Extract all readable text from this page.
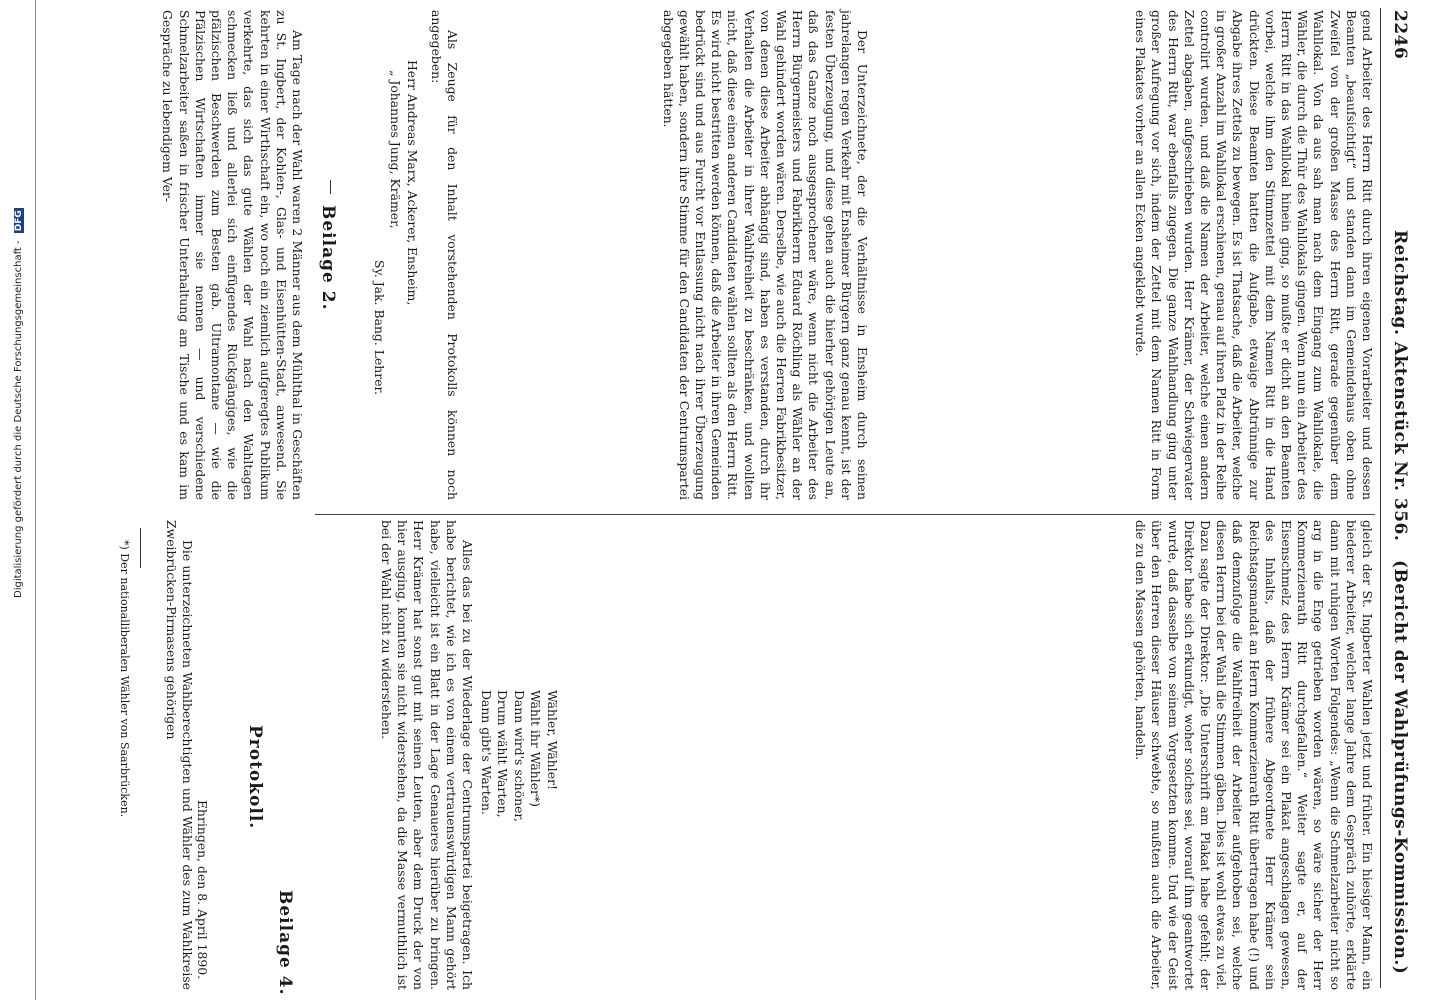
Digitalisierung gefördert durch die Deutsche Forschungsgemeinschaft - DFG
2246
Reichstag. Aktenstück Nr. 356.
(Bericht der Wahlprüfungs-Kommission.)
gend Arbeiter des Herrn Ritt durch ihren eigenen Vorarbeiter und dessen Beamten „beaufsichtigt“ und standen dann im Gemeindehaus oben ohne Zweifel von der großen Masse des Herrn Ritt, gerade gegenüber dem Wahllokal. Von da aus sah man nach dem Eingang zum Wahllokale, die Wähler, die durch die Thür des Wahllokals gingen. Wenn nun ein Arbeiter des Herrn Ritt in das Wahllokal hinein ging, so mußte er dicht an den Beamten vorbei, welche ihm den Stimmzettel mit dem Namen Ritt in die Hand drückten. Diese Beamten hatten die Aufgabe, etwaige Abtrünnige zur Abgabe ihres Zettels zu bewegen. Es ist Thatsache, daß die Arbeiter, welche in großer Anzahl im Wahllokal erschienen, genau auf ihren Platz in der Reihe controlirt wurden, und daß die Namen der Arbeiter, welche einen andern Zettel abgaben, aufgeschrieben wurden. Herr Krämer, der Schwiegervater des Herrn Ritt, war ebenfalls zugegen. Die ganze Wahlhandlung ging unter großer Aufregung vor sich, indem der Zettel mit dem Namen Ritt in Form eines Plakates vorher an allen Ecken angeklebt wurde.
Der Unterzeichnete, der die Verhältnisse in Ensheim durch seinen jahrelangen regen Verkehr mit Ensheimer Bürgern ganz genau kennt, ist der festen Überzeugung, und diese gehen auch die hierher gehörigen Leute an, daß das Ganze noch ausgesprochener wäre, wenn nicht die Arbeiter des Herrn Bürgermeisters und Fabrikherrn Eduard Röchling als Wähler an der Wahl gehindert worden wären. Derselbe, wie auch die Herren Fabrikbesitzer, von denen diese Arbeiter abhängig sind, haben es verstanden, durch ihr Verhalten die Arbeiter in ihrer Wahlfreiheit zu beschränken, und wollten nicht, daß diese einen anderen Candidaten wählen sollten als den Herrn Ritt. Es wird nicht bestritten werden können, daß die Arbeiter in ihren Gemeinden bedrückt sind und aus Furcht vor Entlassung nicht nach ihrer Überzeugung gewählt haben, sondern ihre Stimme für den Candidaten der Centrumspartei abgegeben hätten.
Als Zeuge für den Inhalt vorstehenden Protokolls können noch angegeben:
Herr Andreas Marx, Ackerer, Ensheim,
„ Johannes Jung, Krämer,
Sy. Jak. Bang. Lehrer.
Beilage 2.
Am Tage nach der Wahl waren 2 Männer aus dem Mühlthal in Geschäften zu St. Ingbert, der Kohlen-, Glas- und Eisenhütten-Stadt, anwesend. Sie kehrten in einer Wirthschaft ein, wo noch ein ziemlich aufgeregtes Publikum verkehrte, das sich das gute Wählen der Wahl nach den Wahltagen schmecken ließ und allerlei sich einfügendes Rückgängiges, wie die pfälzischen Beschwerden zum Besten gab. Ultramontane — wie die Pfälzischen Wirtschaften immer sie nennen — und verschiedene Schmelzarbeiter saßen in frischer Unterhaltung am Tische und es kam im Gespräche zu lebendigem Ver-
gleich der St. Ingberter Wahlen jetzt und früher. Ein hiesiger Mann, ein biederer Arbeiter, welcher lange Jahre dem Gespräch zuhörte, erklärte dann mit ruhigen Worten Folgendes: „Wenn die Schmelzarbeiter nicht so arg in die Enge getrieben worden wären, so wäre sicher der Herr Kommerzienrath Ritt durchgefallen.“ Weiter sagte er, auf der Eisenschmelz des Herrn Krämer sei ein Plakat angeschlagen gewesen, des Inhalts, daß der frühere Abgeordnete Herr Krämer sein Reichstagsmandat an Herrn Kommerzienrath Ritt übertragen habe (!) und daß demzufolge die Wahlfreiheit der Arbeiter aufgehoben sei, welche diesen Herrn bei der Wahl die Stimmen gäben. Dies ist wohl etwas zu viel. Dazu sagte der Direktor: „Die Unterschrift am Plakat habe gefehlt; der Direktor habe sich erkundigt, woher solches sei, worauf ihm geantwortet wurde, daß dasselbe von seinem Vorgesetzten komme. Und wie der Geist über den Herren dieser Häuser schwebte, so mußten auch die Arbeiter, die zu den Massen gehörten, handeln.
Alles das bei zu der Wiederlage der Centrumspartei beigetragen. Ich habe berichtet, wie ich es von einem vertrauenswürdigen Mann gehört habe, vielleicht ist ein Blatt in der Lage Genaueres hierüber zu bringen. Herr Krämer hat sonst gut mit seinen Leuten, aber dem Druck der von hier ausging, konnten sie nicht widerstehen, da die Masse vermuthlich ist bei der Wahl nicht zu widerstehen.
Wähler, Wähler!
Wählt ihr Wähler*)
Dann wird's schöner,
Drum wählt Warten,
Dann gibt's Warten.
Protokoll.
Ehringen, den 8. April 1890.
Die unterzeichneten Wahlberechtigten und Wähler des zum Wahlkreise Zweibrücken-Pirmasens gehörigen
*) Der nationalliberalen Wähler von Saarbrücken.
Beilage 4.
